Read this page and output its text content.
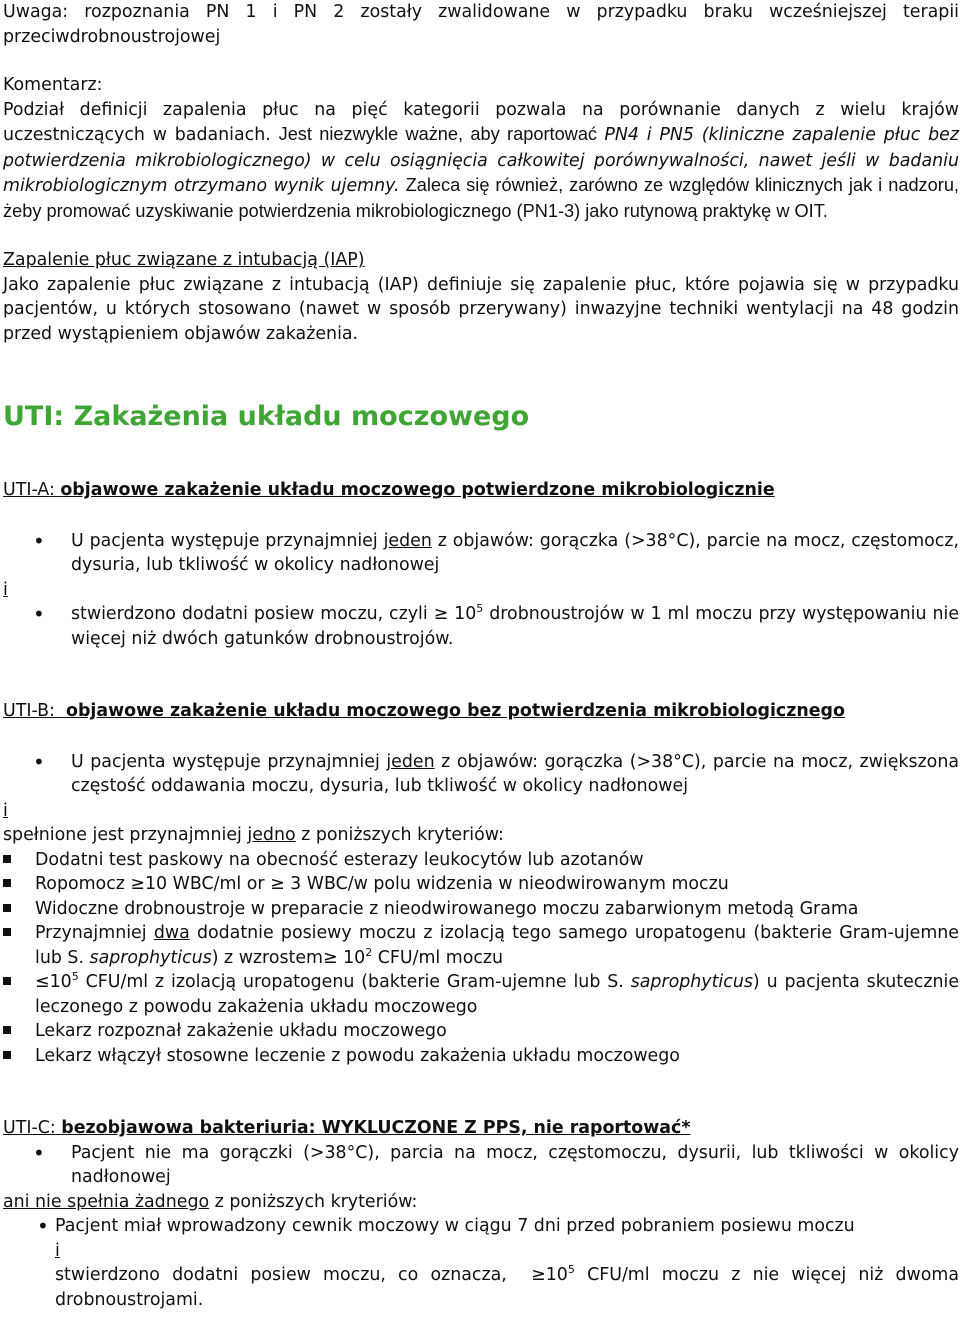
Uwaga: rozpoznania PN 1 i PN 2 zostały zwalidowane w przypadku braku wcześniejszej terapii przeciwdrobnoustrojowej

Komentarz:

Podział definicji zapalenia płuc na pięć kategorii pozwala na porównanie danych z wielu krajów uczestniczących w badaniach. Jest niezwykle ważne, aby raportować PN4 i PN5 (kliniczne zapalenie płuc bez potwierdzenia mikrobiologicznego) w celu osiągnięcia całkowitej porównywalności, nawet jeśli w badaniu mikrobiologicznym otrzymano wynik ujemny. Zaleca się również, zarówno ze względów klinicznych jak i nadzoru, żeby promować uzyskiwanie potwierdzenia mikrobiologicznego (PN1-3) jako rutynową praktykę w OIT.

Zapalenie płuc związane z intubacją (IAP)

Jako zapalenie płuc związane z intubacją (IAP) definiuje się zapalenie płuc, które pojawia się w przypadku pacjentów, u których stosowano (nawet w sposób przerywany) inwazyjne techniki wentylacji na 48 godzin przed wystąpieniem objawów zakażenia.

UTI: Zakażenia układu moczowego

UTI-A: objawowe zakażenie układu moczowego potwierdzone mikrobiologicznie

• U pacjenta występuje przynajmniej jeden z objawów: gorączka (>38°C), parcie na mocz, częstomocz, dysuria, lub tkliwość w okolicy nadłonowej

i

• stwierdzono dodatni posiew moczu, czyli ≥ $10^5$ drobnoustrojów w 1 ml moczu przy występowaniu nie więcej niż dwóch gatunków drobnoustrojów.

UTI-B: objawowe zakażenie układu moczowego bez potwierdzenia mikrobiologicznego

• U pacjenta występuje przynajmniej jeden z objawów: gorączka (>38°C), parcie na mocz, zwiększona częstość oddawania moczu, dysuria, lub tkliwość w okolicy nadłonowej

i

spełnione jest przynajmniej jedno z poniższych kryteriów:

Dodatni test paskowy na obecność esterazy leukocytów lub azotanów
Ropomocz ≥10 WBC/ml or ≥ 3 WBC/w polu widzenia w nieodwirowanym moczu
Widoczne drobnoustroje w preparacie z nieodwirowanego moczu zabarwionym metodą Grama
Przynajmniej dwa dodatnie posiewy moczu z izolacją tego samego uropatogenu (bakterie Gram-ujemne lub S. saprophyticus) z wzrostem≥ $10^2$ CFU/ml moczu
$\le 10^5$ CFU/ml z izolacją uropatogenu (bakterie Gram-ujemne lub S. saprophyticus) u pacjenta skutecznie leczonego z powodu zakażenia układu moczowego
Lekarz rozpoznał zakażenie układu moczowego
Lekarz włączył stosowne leczenie z powodu zakażenia układu moczowego

UTI-C: bezobjawowa bakteriuria: WYKLUCZONE Z PPS, nie raportować*

• Pacjent nie ma gorączki (>38°C), parcia na mocz, częstomoczu, dysurii, lub tkliwości w okolicy nadłonowej

ani nie spełnia żadnego z poniższych kryteriów:

• Pacjent miał wprowadzony cewnik moczowy w ciągu 7 dni przed pobraniem posiewu moczu

i

stwierdzono dodatni posiew moczu, co oznacza, $\ge 10^5$ CFU/ml moczu z nie więcej niż dwoma drobnoustrojami.
